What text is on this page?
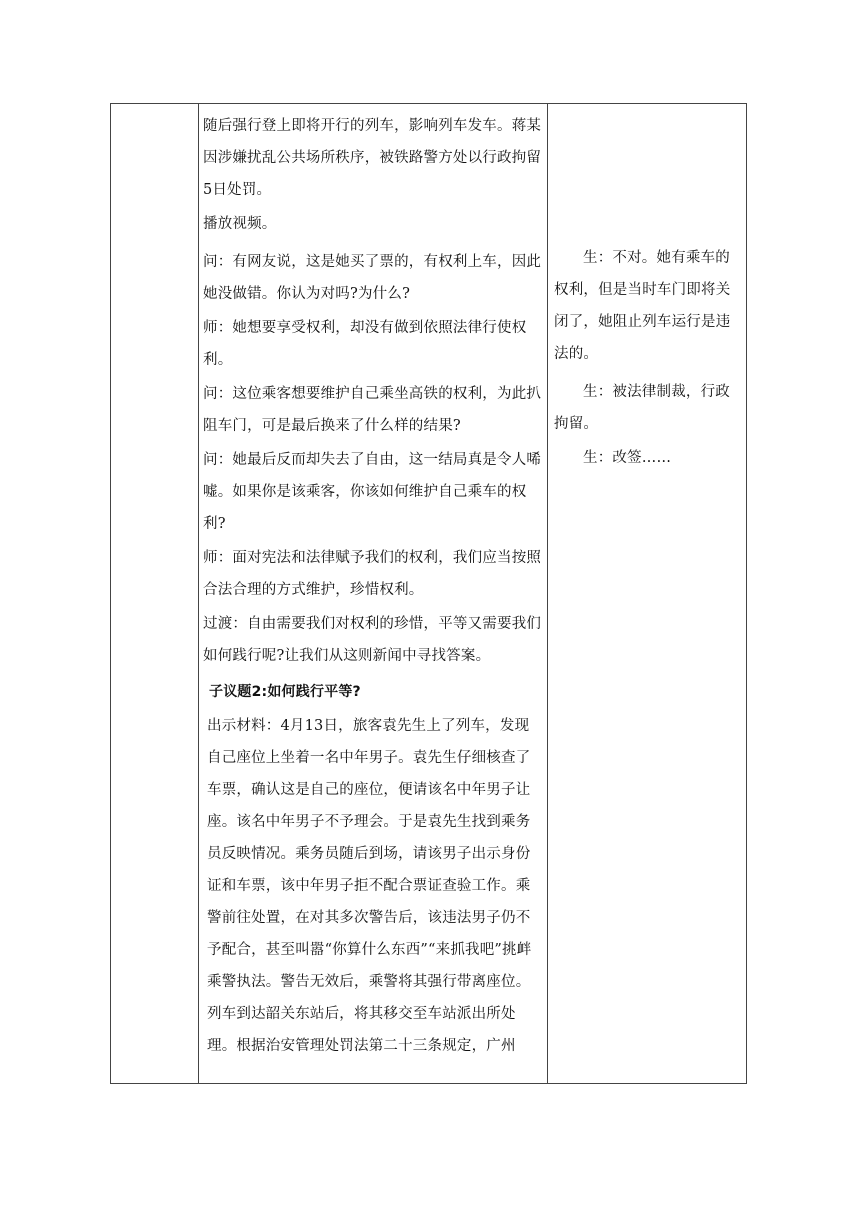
随后强行登上即将开行的列车，影响列车发车。蒋某因涉嫌扰乱公共场所秩序，被铁路警方处以行政拘留5日处罚。

播放视频。

问：有网友说，这是她买了票的，有权利上车，因此她没做错。你认为对吗?为什么?

师：她想要享受权利，却没有做到依照法律行使权利。

问：这位乘客想要维护自己乘坐高铁的权利，为此扒阻车门，可是最后换来了什么样的结果?

问：她最后反而却失去了自由，这一结局真是令人唏嘘。如果你是该乘客，你该如何维护自己乘车的权利?

师：面对宪法和法律赋予我们的权利，我们应当按照合法合理的方式维护，珍惜权利。

过渡：自由需要我们对权利的珍惜，平等又需要我们如何践行呢?让我们从这则新闻中寻找答案。

子议题2:如何践行平等?

出示材料：4月13日，旅客袁先生上了列车，发现自己座位上坐着一名中年男子。袁先生仔细核查了车票，确认这是自己的座位，便请该名中年男子让座。该名中年男子不予理会。于是袁先生找到乘务员反映情况。乘务员随后到场，请该男子出示身份证和车票，该中年男子拒不配合票证查验工作。乘警前往处置，在对其多次警告后，该违法男子仍不予配合，甚至叫嚣“你算什么东西”“来抓我吧”挑衅乘警执法。警告无效后，乘警将其强行带离座位。列车到达韶关东站后，将其移交至车站派出所处理。根据治安管理处罚法第二十三条规定，广州

生：不对。她有乘车的权利，但是当时车门即将关闭了，她阻止列车运行是违法的。

生：被法律制裁，行政拘留。

生：改签……
